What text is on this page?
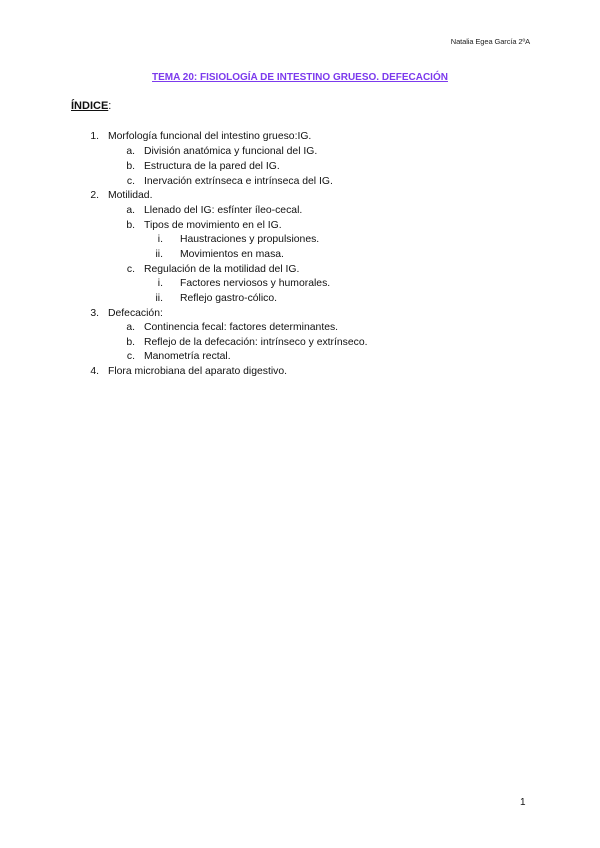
Natalia Egea García 2ºA
TEMA 20: FISIOLOGÍA DE INTESTINO GRUESO. DEFECACIÓN
ÍNDICE:
1. Morfología funcional del intestino grueso:IG.
a. División anatómica y funcional del IG.
b. Estructura de la pared del IG.
c. Inervación extrínseca e intrínseca del IG.
2. Motilidad.
a. Llenado del IG: esfínter íleo-cecal.
b. Tipos de movimiento en el IG.
i. Haustraciones y propulsiones.
ii. Movimientos en masa.
c. Regulación de la motilidad del IG.
i. Factores nerviosos y humorales.
ii. Reflejo gastro-cólico.
3. Defecación:
a. Continencia fecal: factores determinantes.
b. Reflejo de la defecación: intrínseco y extrínseco.
c. Manometría rectal.
4. Flora microbiana del aparato digestivo.
1
